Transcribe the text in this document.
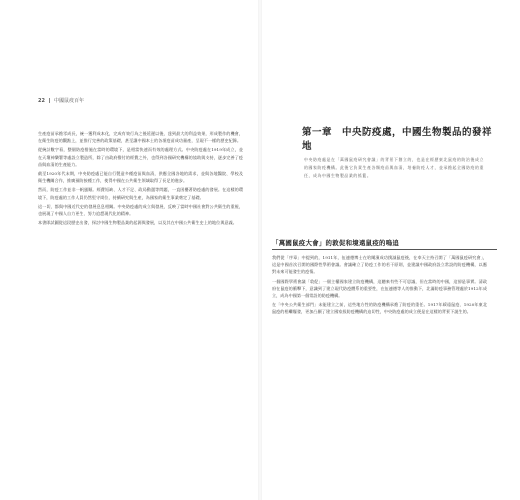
22 中國鼠疫百年

生產疫苗承擔零成長，統一獲利成本化，完成有效行為之後延遲以後，達到最大的利益效果，形成製作的機會，在衛生防疫的觀點上，並推行完善的政策基礎，甚至讓中國本土的各項疫苗成功量產，呈現不一樣的歷史紀錄。

從統計數字看，整個防疫措施在當時的環境下，是相當快速而有效的處理方式。中央防疫處在1919年成立，並在天壇神樂署等處設立製造所，除了由政府撥付的經費之外，也得到各國研究機構的協助與支持，逐步完善了疫苗與血清的生產能力。

截至1920年代末期，中央防疫處已能自行製造多種疫苗與血清，供應全國各地的需求，並與各地醫院、學校及衛生機關合作，推廣預防接種工作，使得中國在公共衛生領域取得了長足的進步。

然而，防疫工作並非一帆風順。經費短缺、人才不足、政局動盪等問題，一直困擾著防疫處的發展。在這樣的環境下，防疫處的工作人員仍然堅守崗位，持續研究與生產，為國家的衛生事業奠定了基礎。

這一切，都與中國近代史的發展息息相關。中央防疫處的成立與發展，反映了當時中國社會對公共衛生的重視，也展現了中國人自力更生、努力追趕現代化的精神。

本書即試圖從這段歷史出發，探討中國生物製品業的起源與發展，以及其在中國公共衛生史上的地位與意義。

第一章　中央防疫處，中國生物製品的發祥地

中央防疫處是在「萬國鼠疫研究會議」的背景下創立的，也是在經歷東北鼠疫的防治後成立的國家防疫機構。此後它負責生產各類疫苗與血清，培養防疫人才，並承擔起全國防疫的重任，成為中國生物製品業的搖籃。

「萬國鼠疫大會」的敦促和境遠鼠疫的嗚追

我們從「序章」中提到的，1911年，伍連德博士在哈爾濱成功撲滅鼠疫後，在奉天主持召開了「萬國鼠疫研究會」，這是中國首次召開的國際性學術會議。會議確立了防疫工作的若干原則，並建議中國政府設立常設的防疫機構，以應對未來可能發生的疫情。

一個國際學術會議「敦促」一個主權國家建立防疫機構，這聽來有些不可思議，但在當時的中國，這卻是事實。清政府在鼠疫的衝擊下，意識到了建立現代防疫體系的重要性，在伍連德等人的推動下，北滿防疫事務管理處於1912年成立，成為中國第一個常設的防疫機構。

在「中央公共衛生部門」未能建立之前，這些地方性的防疫機構承擔了防疫的重任。1917年綏遠鼠疫、1920年東北鼠疫的相繼爆發，更加凸顯了建立國家級防疫機構的迫切性，中央防疫處的成立便是在這樣的背景下誕生的。
